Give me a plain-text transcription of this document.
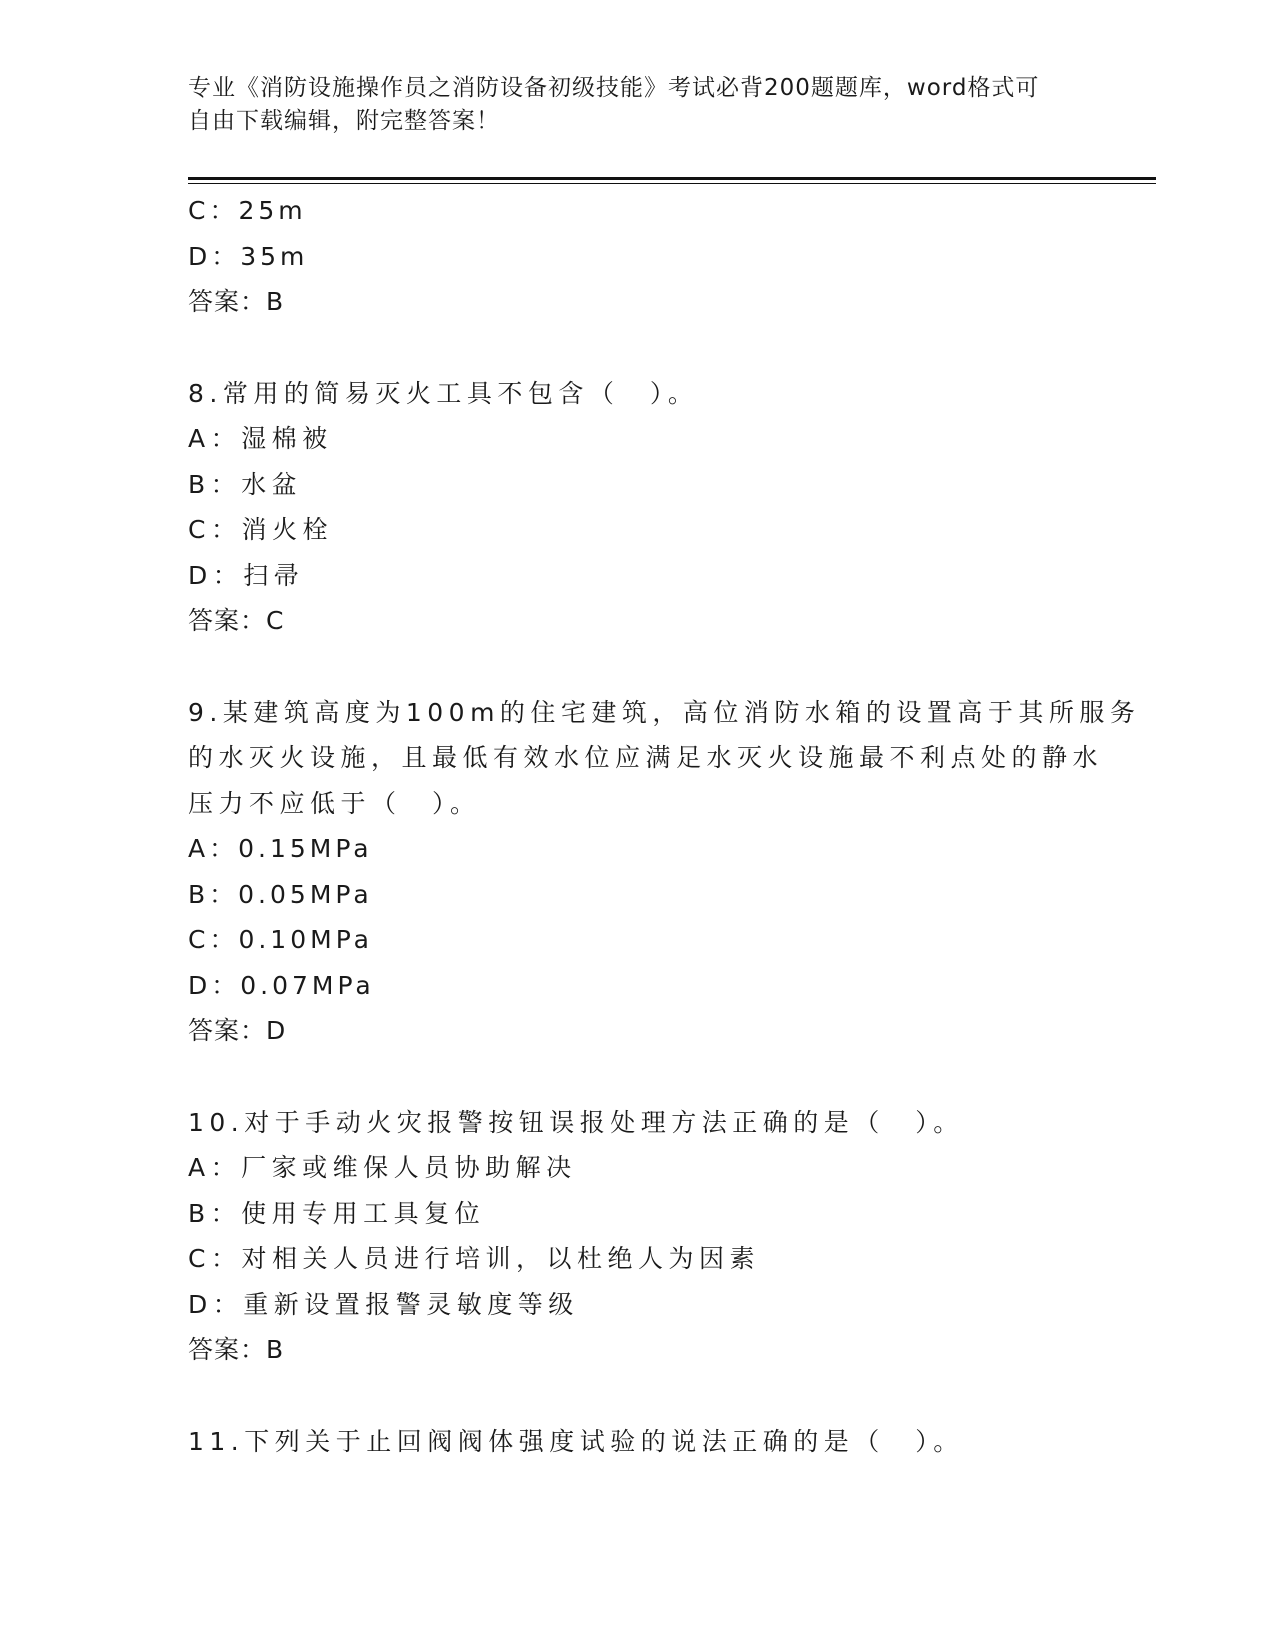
专业《消防设施操作员之消防设备初级技能》考试必背200题题库，word格式可
自由下载编辑，附完整答案！
C：25m
D：35m
答案：B
8.常用的简易灭火工具不包含（　）。
A：湿棉被
B：水盆
C：消火栓
D：扫帚
答案：C
9.某建筑高度为100m的住宅建筑，高位消防水箱的设置高于其所服务
的水灭火设施，且最低有效水位应满足水灭火设施最不利点处的静水
压力不应低于（　）。
A：0.15MPa
B：0.05MPa
C：0.10MPa
D：0.07MPa
答案：D
10.对于手动火灾报警按钮误报处理方法正确的是（　）。
A：厂家或维保人员协助解决
B：使用专用工具复位
C：对相关人员进行培训，以杜绝人为因素
D：重新设置报警灵敏度等级
答案：B
11.下列关于止回阀阀体强度试验的说法正确的是（　）。
